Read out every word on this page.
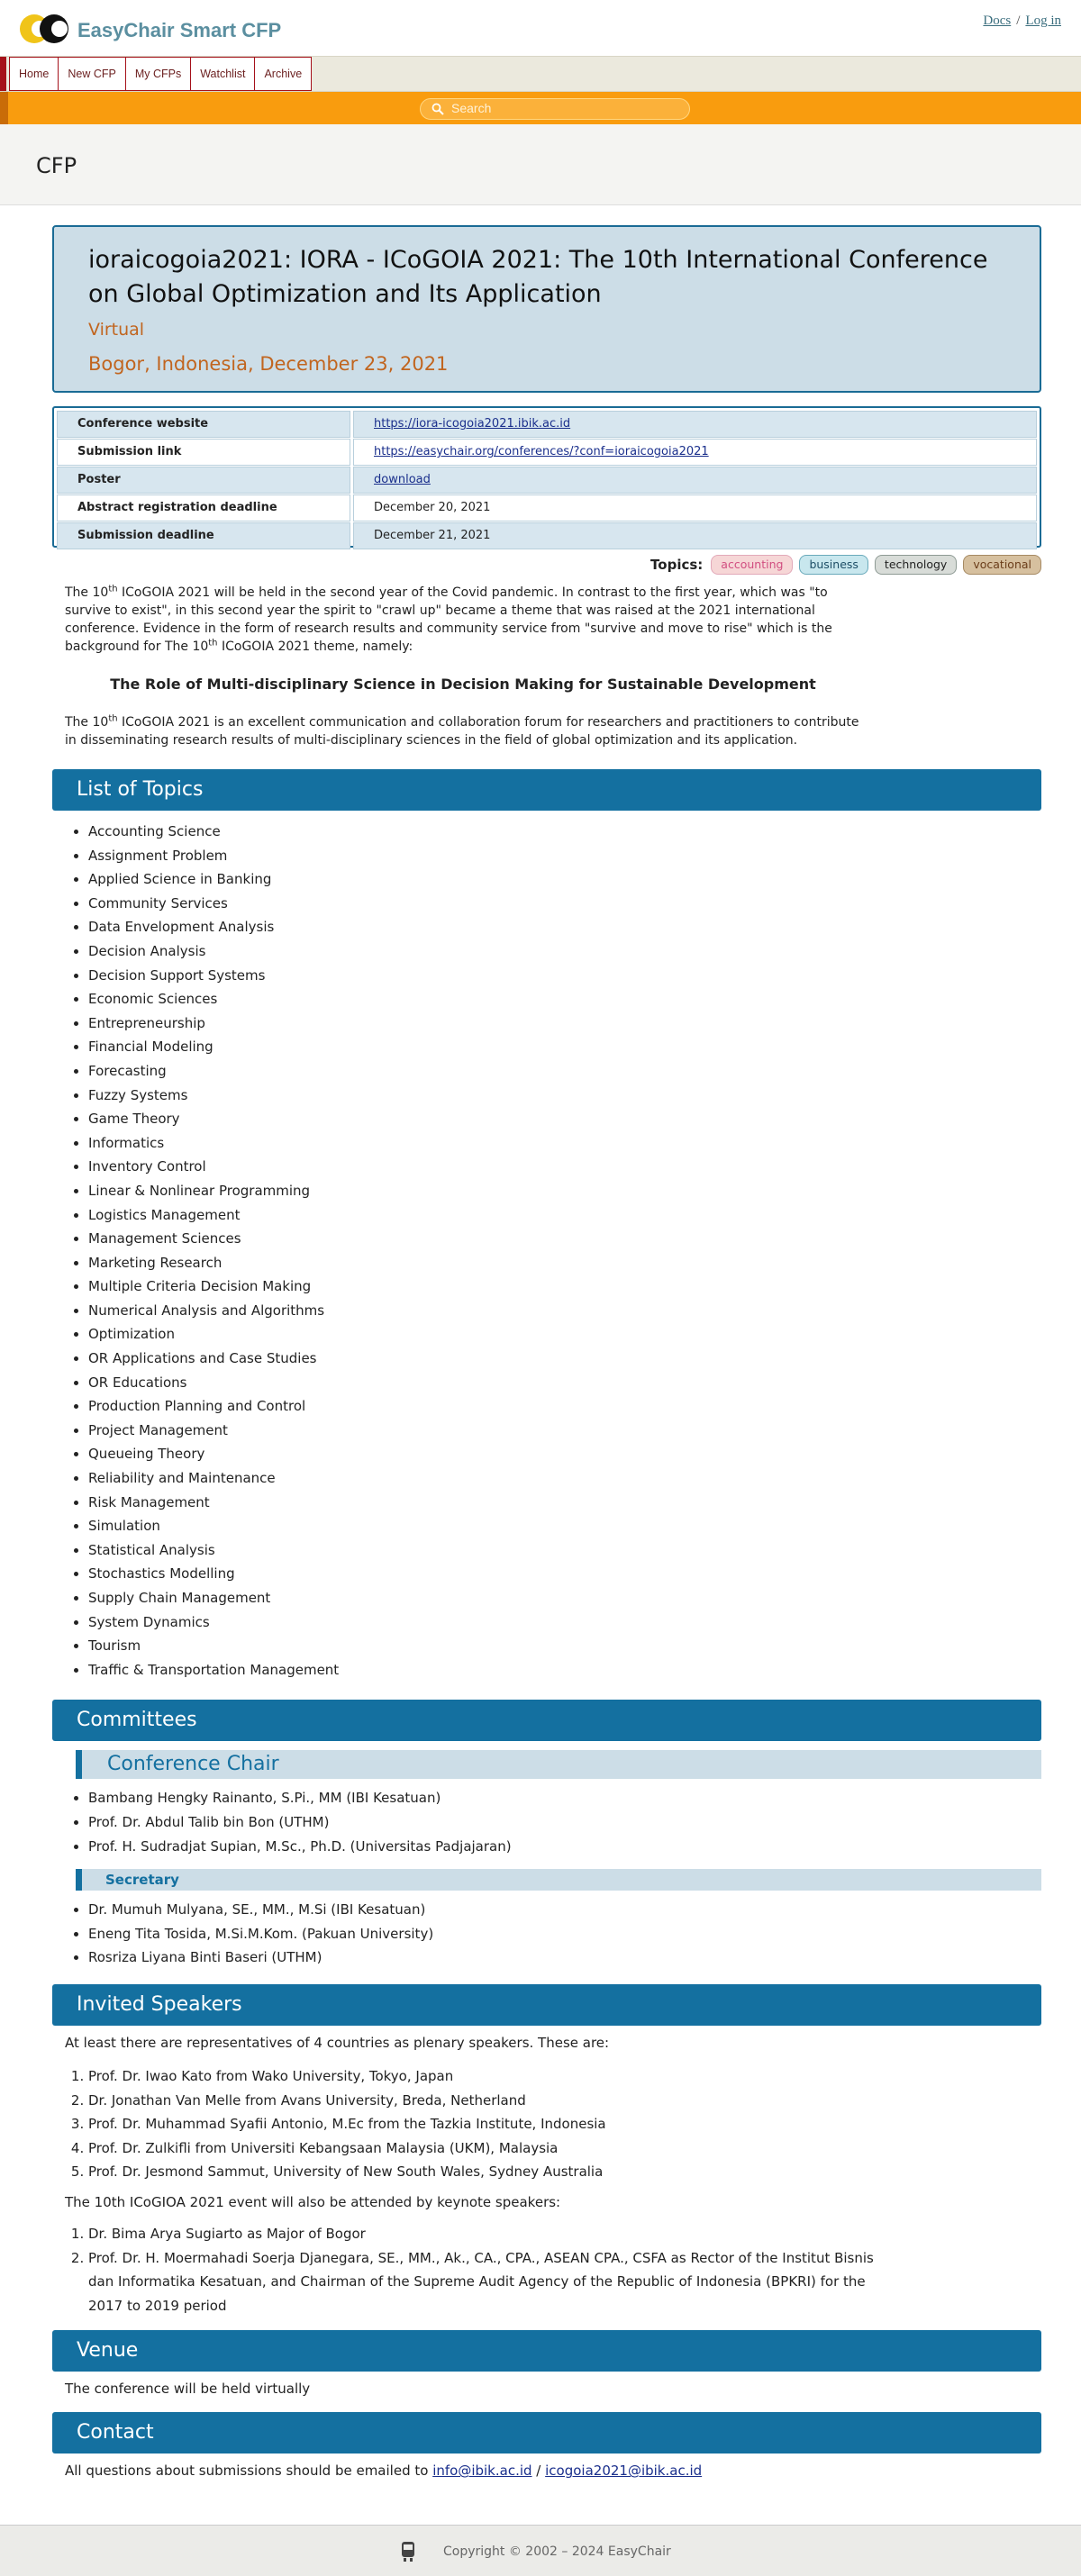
EasyChair Smart CFP	Docs / Log in
Home	New CFP	My CFPs	Watchlist	Archive
Search
CFP
ioraicogoia2021: IORA - ICoGOIA 2021: The 10th International Conference on Global Optimization and Its Application
Virtual
Bogor, Indonesia, December 23, 2021
Conference website	https://iora-icogoia2021.ibik.ac.id
Submission link	https://easychair.org/conferences/?conf=ioraicogoia2021
Poster	download
Abstract registration deadline	December 20, 2021
Submission deadline	December 21, 2021
Topics:	accounting	business	technology	vocational

The 10th ICoGOIA 2021 will be held in the second year of the Covid pandemic. In contrast to the first year, which was "to survive to exist", in this second year the spirit to "crawl up" became a theme that was raised at the 2021 international conference. Evidence in the form of research results and community service from "survive and move to rise" which is the background for The 10th ICoGOIA 2021 theme, namely:

The Role of Multi-disciplinary Science in Decision Making for Sustainable Development

The 10th ICoGOIA 2021 is an excellent communication and collaboration forum for researchers and practitioners to contribute in disseminating research results of multi-disciplinary sciences in the field of global optimization and its application.

List of Topics
• Accounting Science
• Assignment Problem
• Applied Science in Banking
• Community Services
• Data Envelopment Analysis
• Decision Analysis
• Decision Support Systems
• Economic Sciences
• Entrepreneurship
• Financial Modeling
• Forecasting
• Fuzzy Systems
• Game Theory
• Informatics
• Inventory Control
• Linear & Nonlinear Programming
• Logistics Management
• Management Sciences
• Marketing Research
• Multiple Criteria Decision Making
• Numerical Analysis and Algorithms
• Optimization
• OR Applications and Case Studies
• OR Educations
• Production Planning and Control
• Project Management
• Queueing Theory
• Reliability and Maintenance
• Risk Management
• Simulation
• Statistical Analysis
• Stochastics Modelling
• Supply Chain Management
• System Dynamics
• Tourism
• Traffic & Transportation Management
Committees
Conference Chair
• Bambang Hengky Rainanto, S.Pi., MM (IBI Kesatuan)
• Prof. Dr. Abdul Talib bin Bon (UTHM)
• Prof. H. Sudradjat Supian, M.Sc., Ph.D. (Universitas Padjajaran)
Secretary
• Dr. Mumuh Mulyana, SE., MM., M.Si (IBI Kesatuan)
• Eneng Tita Tosida, M.Si.M.Kom. (Pakuan University)
• Rosriza Liyana Binti Baseri (UTHM)
Invited Speakers

At least there are representatives of 4 countries as plenary speakers. These are:

1. Prof. Dr. Iwao Kato from Wako University, Tokyo, Japan
2. Dr. Jonathan Van Melle from Avans University, Breda, Netherland
3. Prof. Dr. Muhammad Syafii Antonio, M.Ec from the Tazkia Institute, Indonesia
4. Prof. Dr. Zulkifli from Universiti Kebangsaan Malaysia (UKM), Malaysia
5. Prof. Dr. Jesmond Sammut, University of New South Wales, Sydney Australia

The 10th ICoGIOA 2021 event will also be attended by keynote speakers:

1. Dr. Bima Arya Sugiarto as Major of Bogor
2. Prof. Dr. H. Moermahadi Soerja Djanegara, SE., MM., Ak., CA., CPA., ASEAN CPA., CSFA as Rector of the Institut Bisnis dan Informatika Kesatuan, and Chairman of the Supreme Audit Agency of the Republic of Indonesia (BPKRI) for the 2017 to 2019 period
Venue

The conference will be held virtually

Contact

All questions about submissions should be emailed to info@ibik.ac.id / icogoia2021@ibik.ac.id

Copyright © 2002 – 2024 EasyChair
